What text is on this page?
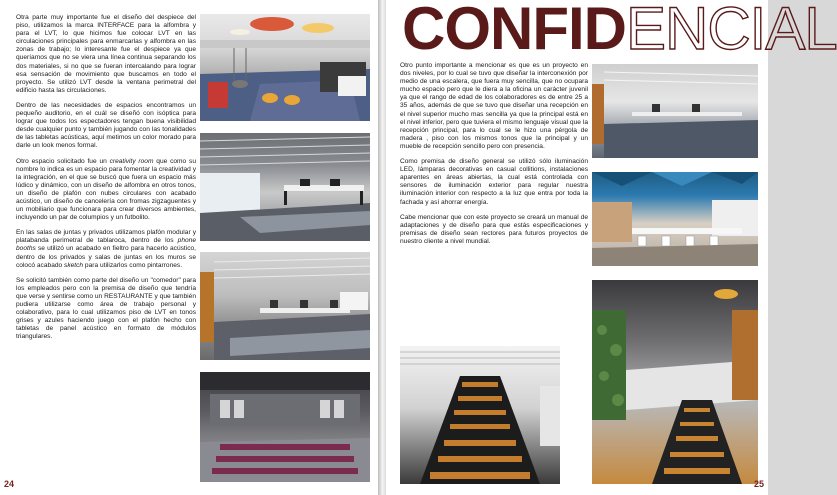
Otra parte muy importante fue el diseño del despiece del piso, utilizamos la marca INTERFACE para la alfombra y para el LVT, lo que hicimos fue colocar LVT en las circulaciones principales para enmarcarlas y alfombra en las zonas de trabajo; lo interesante fue el despiece ya que queríamos que no se viera una línea continua separando los dos materiales, si no que se fueran intercalando para lograr esa sensación de movimiento que buscamos en todo el proyecto. Se utilizó LVT desde la ventana perimetral del edificio hasta las circulaciones.

Dentro de las necesidades de espacios encontramos un pequeño auditorio, en el cuál se diseñó con isóptica para lograr que todos los espectadores tengan buena visibilidad desde cualquier punto y también jugando con las tonalidades de las tabletas acústicas, aquí metimos un color morado para darle un look menos formal.

Otro espacio solicitado fue un creativity room que como su nombre lo indica es un espacio para fomentar la creatividad y la integración, en el que se buscó que fuera un espacio más lúdico y dinámico, con un diseño de alfombra en otros tonos, un diseño de plafón con nubes circulares con acabado acústico, un diseño de cancelería con fromas zigzaguentes y un mobiliario que funcionara para crear diversos ambientes, incluyendo un par de columpios y un futbolito.

En las salas de juntas y privados utilizamos plafón modular y platabanda perimetral de tablaroca, dentro de los phone booths se utilizó un acabado en fieltro para hacerlo acústico, dentro de los privados y salas de juntas en los muros se colocó acabado sketch para utilizarlos como pintarrones.

Se solicitó también como parte del diseño un "comedor" para los empleados pero con la premisa de diseño que tendría que verse y sentirse como un RESTAURANTE y que también pudiera utilizarse como área de trabajo personal y colaborativo, para lo cual utilizamos piso de LVT en tonos grises y azules haciendo juego con el plafón hecho con tabletas de panel acústico en formato de módulos triangulares.

24
CONFIDENCIAL

Otro punto importante a mencionar es que es un proyecto en dos niveles, por lo cual se tuvo que diseñar la interconexión por medio de una escalera, que fuera muy sencilla, que no ocupara mucho espacio pero que le diera a la oficina un carácter juvenil ya que el rango de edad de los colaboradores es de entre 25 a 35 años, además de que se tuvo que diseñar una recepción en el nivel superior mucho mas sencilla ya que la principal está en el nivel inferior, pero que tuviera el mismo lenguaje visual que la recepción principal, para lo cual se le hizo una pérgola de madera , piso con los mismos tonos que la principal y un mueble de recepción sencillo pero con presencia.

Como premisa de diseño general se utilizó sólo iluminación LED, lámparas decorativas en casual collitions, instalaciones aparentes en áreas abiertas, la cual está controlada con sensores de iluminación exterior para regular nuestra iluminación interior con respecto a la luz que entra por toda la fachada y así ahorrar energía.

Cabe mencionar que con este proyecto se creará un manual de adaptaciones y de diseño para que estás especificaciones y premisas de diseño sean rectores para futuros proyectos de nuestro cliente a nivel mundial.

25
